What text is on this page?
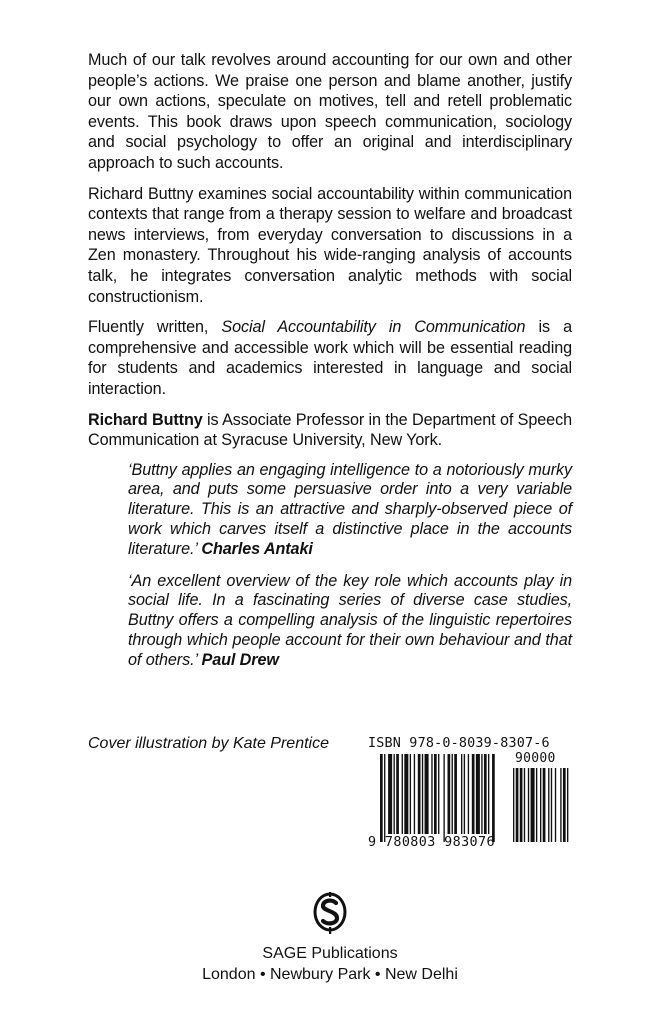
Much of our talk revolves around accounting for our own and other people’s actions. We praise one person and blame another, justify our own actions, speculate on motives, tell and retell problematic events. This book draws upon speech communication, sociology and social psychology to offer an original and interdisciplinary approach to such accounts.

Richard Buttny examines social accountability within communication contexts that range from a therapy session to welfare and broadcast news interviews, from everyday conversation to discussions in a Zen monastery. Throughout his wide-ranging analysis of accounts talk, he integrates conversation analytic methods with social constructionism.

Fluently written, Social Accountability in Communication is a comprehensive and accessible work which will be essential reading for students and academics interested in language and social interaction.

Richard Buttny is Associate Professor in the Department of Speech Communication at Syracuse University, New York.

‘Buttny applies an engaging intelligence to a notoriously murky area, and puts some persuasive order into a very variable literature. This is an attractive and sharply-observed piece of work which carves itself a distinctive place in the accounts literature.’ Charles Antaki

‘An excellent overview of the key role which accounts play in social life. In a fascinating series of diverse case studies, Buttny offers a compelling analysis of the linguistic repertoires through which people account for their own behaviour and that of others.’ Paul Drew

Cover illustration by Kate Prentice	ISBN 978-0-8039-8307-6
90000
9 780803 983076
SAGE Publications
London • Newbury Park • New Delhi
